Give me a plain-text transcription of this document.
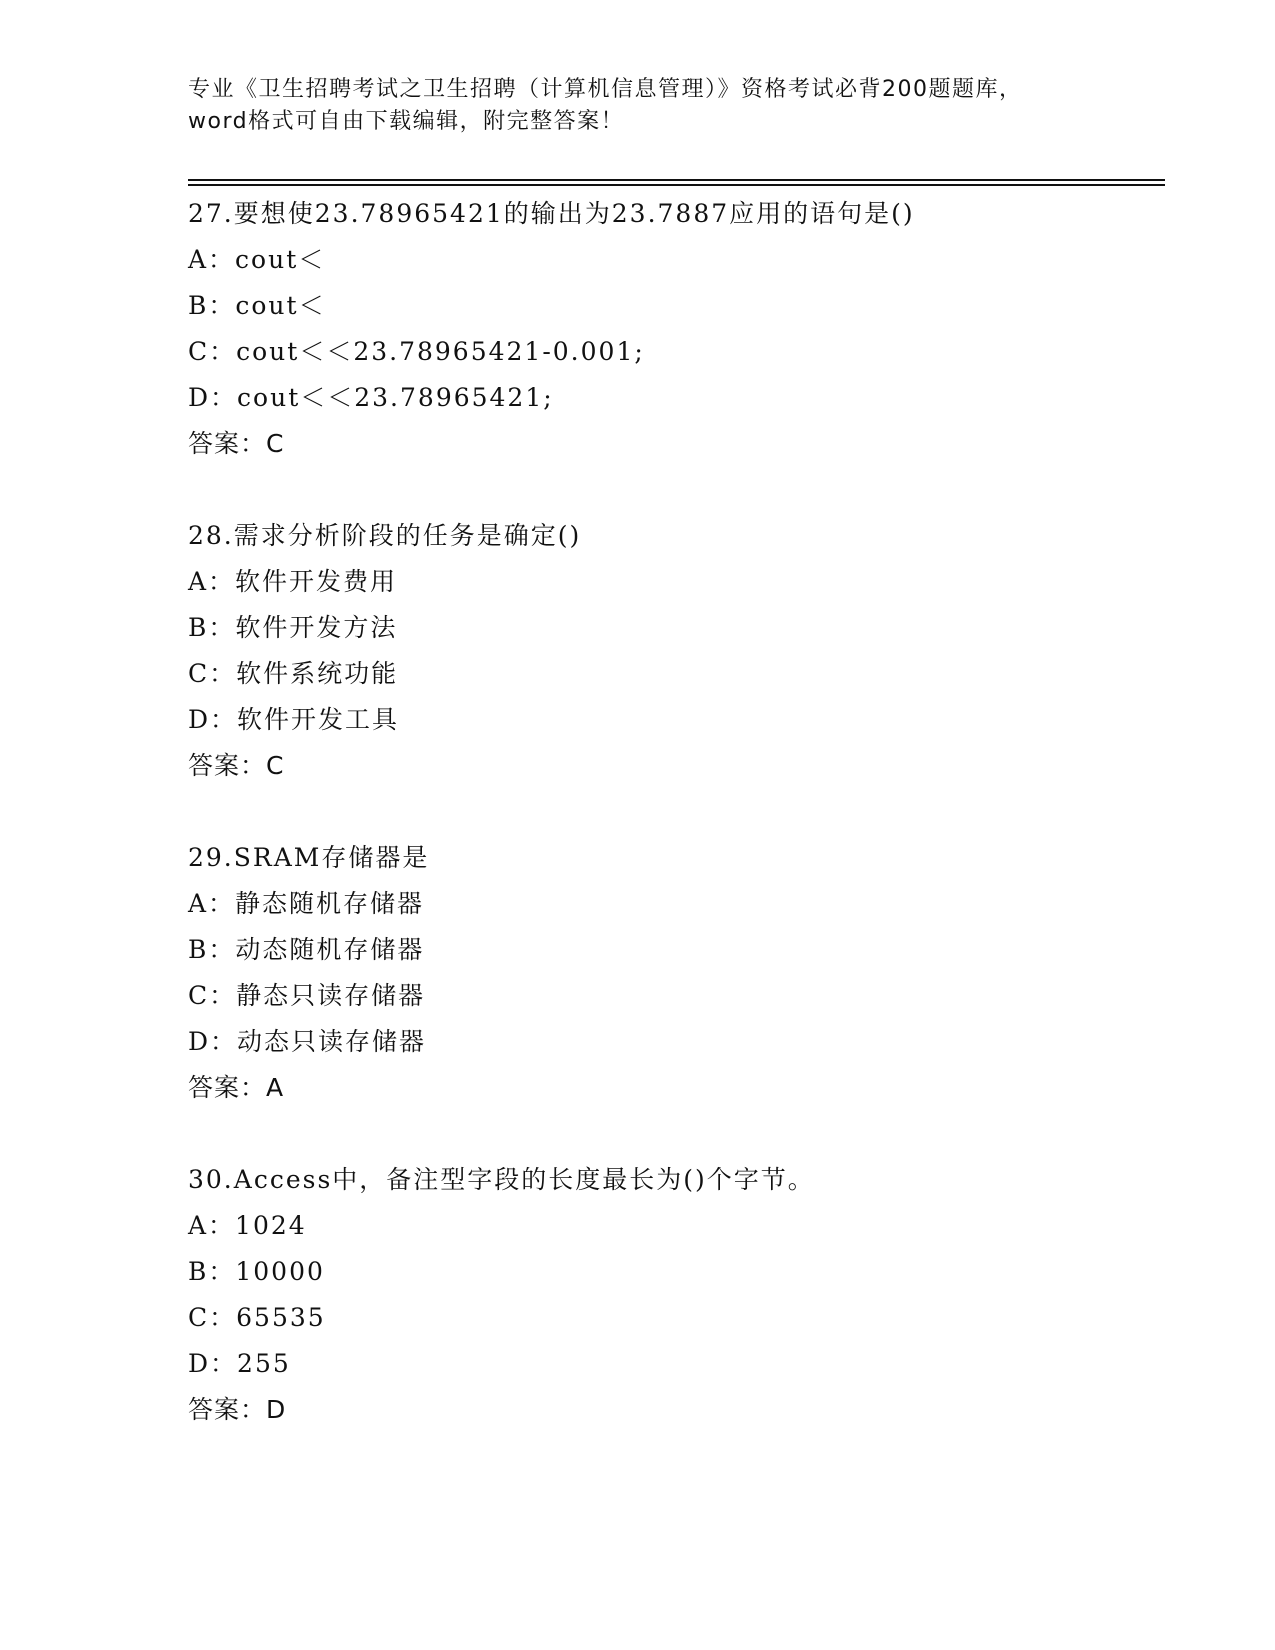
专业《卫生招聘考试之卫生招聘（计算机信息管理）》资格考试必背200题题库，
word格式可自由下载编辑，附完整答案！
27.要想使23.78965421的输出为23.7887应用的语句是()
A：cout＜
B：cout＜
C：cout＜＜23.78965421-0.001;
D：cout＜＜23.78965421;
答案：C
28.需求分析阶段的任务是确定()
A：软件开发费用
B：软件开发方法
C：软件系统功能
D：软件开发工具
答案：C
29.SRAM存储器是
A：静态随机存储器
B：动态随机存储器
C：静态只读存储器
D：动态只读存储器
答案：A
30.Access中，备注型字段的长度最长为()个字节。
A：1024
B：10000
C：65535
D：255
答案：D
